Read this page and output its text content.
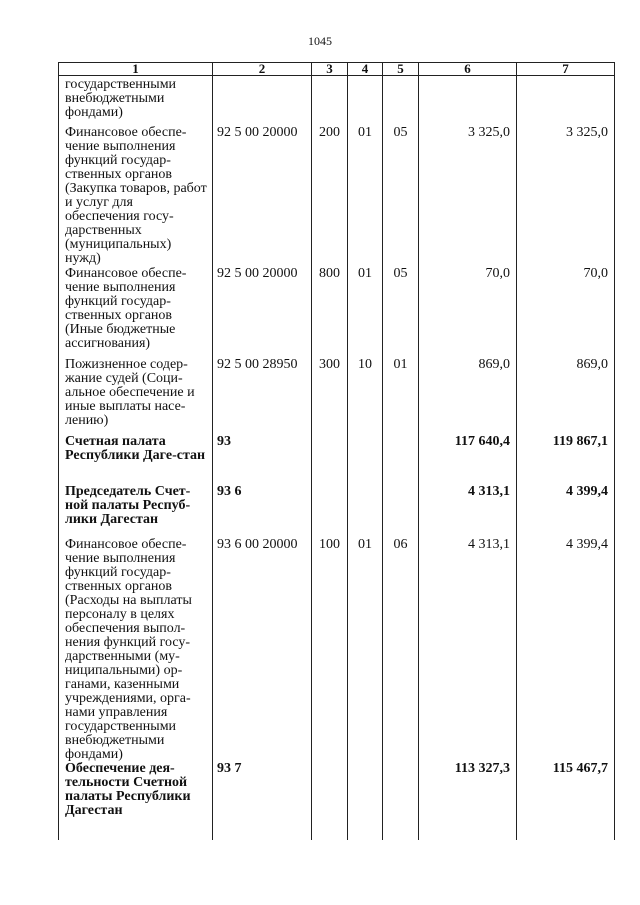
1045
1	2	3	4	5	6	7
государственными внебюджетными фондами)						
Финансовое обеспе-чение выполнения функций государ-ственных органов (Закупка товаров, работ и услуг для обеспечения госу-дарственных (муниципальных) нужд)	92 5 00 20000	200	01	05	3 325,0	3 325,0
Финансовое обеспе-чение выполнения функций государ-ственных органов (Иные бюджетные ассигнования)	92 5 00 20000	800	01	05	70,0	70,0
Пожизненное содер-жание судей (Соци-альное обеспечение и иные выплаты насе-лению)	92 5 00 28950	300	10	01	869,0	869,0
Счетная палата Республики Даге-стан	93				117 640,4	119 867,1
Председатель Счет-ной палаты Респуб-лики Дагестан	93 6				4 313,1	4 399,4
Финансовое обеспе-чение выполнения функций государ-ственных органов (Расходы на выплаты персоналу в целях обеспечения выпол-нения функций госу-дарственными (му-ниципальными) ор-ганами, казенными учреждениями, орга-нами управления государственными внебюджетными фондами)	93 6 00 20000	100	01	06	4 313,1	4 399,4
Обеспечение дея-тельности Счетной палаты Республики Дагестан	93 7				113 327,3	115 467,7
